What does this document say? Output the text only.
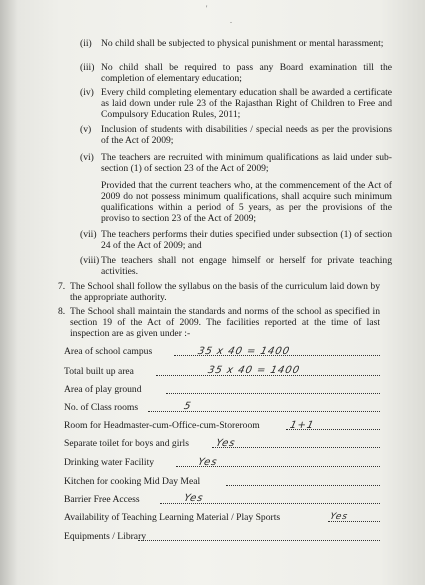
'
.
(ii) No child shall be subjected to physical punishment or mental harassment;
(iii) No child shall be required to pass any Board examination till the completion of elementary education;
(iv) Every child completing elementary education shall be awarded a certificate as laid down under rule 23 of the Rajasthan Right of Children to Free and Compulsory Education Rules, 2011;
(v)	Inclusion of students with disabilities / special needs as per the provisions of the Act of 2009;
(vi) The teachers are recruited with minimum qualifications as laid under sub-section (1) of section 23 of the Act of 2009;
Provided that the current teachers who, at the commencement of the Act of 2009 do not possess minimum qualifications, shall acquire such minimum qualifications within a period of 5 years, as per the provisions of the proviso to section 23 of the Act of 2009;
(vii) The teachers performs their duties specified under subsection (1) of section 24 of the Act of 2009; and
(viii) The teachers shall not engage himself or herself for private teaching activities.
7. The School shall follow the syllabus on the basis of the curriculum laid down by the appropriate authority.
8. The School shall maintain the standards and norms of the school as specified in section 19 of the Act of 2009. The facilities reported at the time of last inspection are as given under :-
Area of school campus	35 x 40 = 1400
Total built up area	35 x 40 = 1400
Area of play ground
No. of Class rooms	5
Room for Headmaster-cum-Office-cum-Storeroom	1+1
Separate toilet for boys and girls	Yes
Drinking water Facility	Yes
Kitchen for cooking Mid Day Meal
Barrier Free Access	Yes
Availability of Teaching Learning Material / Play Sports	Yes
Equipments / Library
